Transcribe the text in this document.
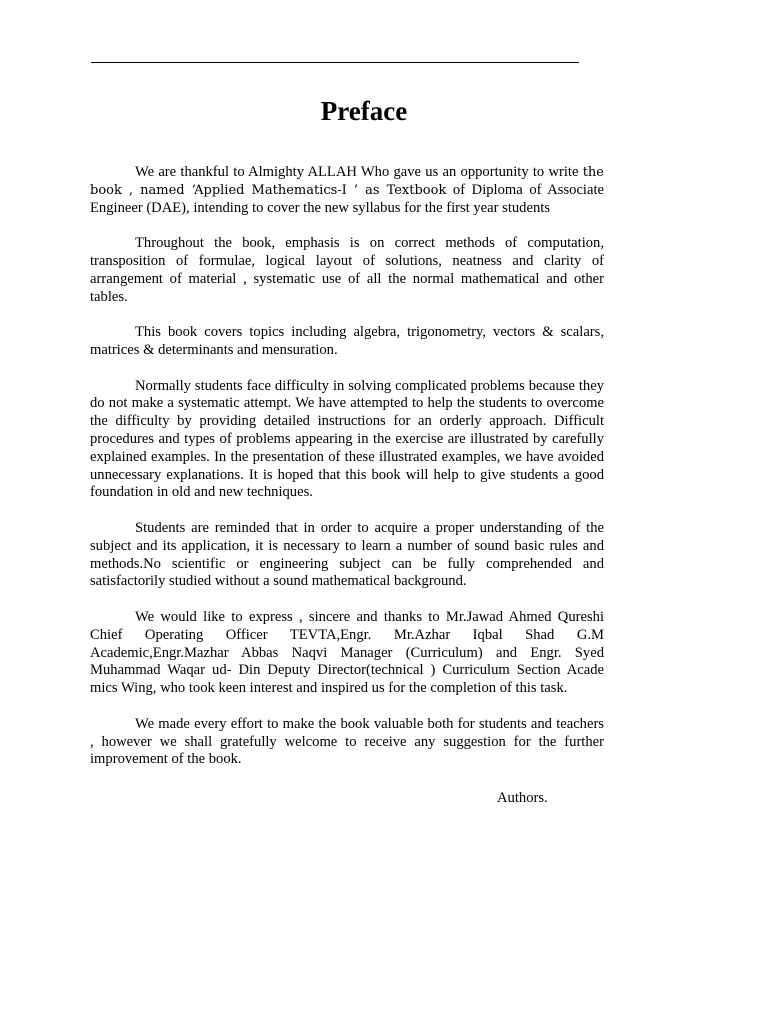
Preface

We are thankful to Almighty ALLAH Who gave us an opportunity to write the book , named ‘Applied Mathematics-I ’ as Textbook of Diploma of Associate Engineer (DAE), intending to cover the new syllabus for the first year students

Throughout the book, emphasis is on correct methods of computation, transposition of formulae, logical layout of solutions, neatness and clarity of arrangement of material , systematic use of all the normal mathematical and other tables.

This book covers topics including algebra, trigonometry, vectors & scalars, matrices & determinants and mensuration.

Normally students face difficulty in solving complicated problems because they do not make a systematic attempt. We have attempted to help the students to overcome the difficulty by providing detailed instructions for an orderly approach. Difficult procedures and types of problems appearing in the exercise are illustrated by carefully explained examples. In the presentation of these illustrated examples, we have avoided unnecessary explanations. It is hoped that this book will help to give students a good foundation in old and new techniques.

Students are reminded that in order to acquire a proper understanding of the subject and its application, it is necessary to learn a number of sound basic rules and methods.No scientific or engineering subject can be fully comprehended and satisfactorily studied without a sound mathematical background.

We would like to express , sincere and thanks to Mr.Jawad Ahmed Qureshi Chief Operating Officer TEVTA,Engr. Mr.Azhar Iqbal Shad G.M Academic,Engr.Mazhar Abbas Naqvi Manager (Curriculum) and Engr. Syed Muhammad Waqar ud- Din Deputy Director(technical ) Curriculum Section Acade mics Wing, who took keen interest and inspired us for the completion of this task.

We made every effort to make the book valuable both for students and teachers , however we shall gratefully welcome to receive any suggestion for the further improvement of the book.

Authors.
